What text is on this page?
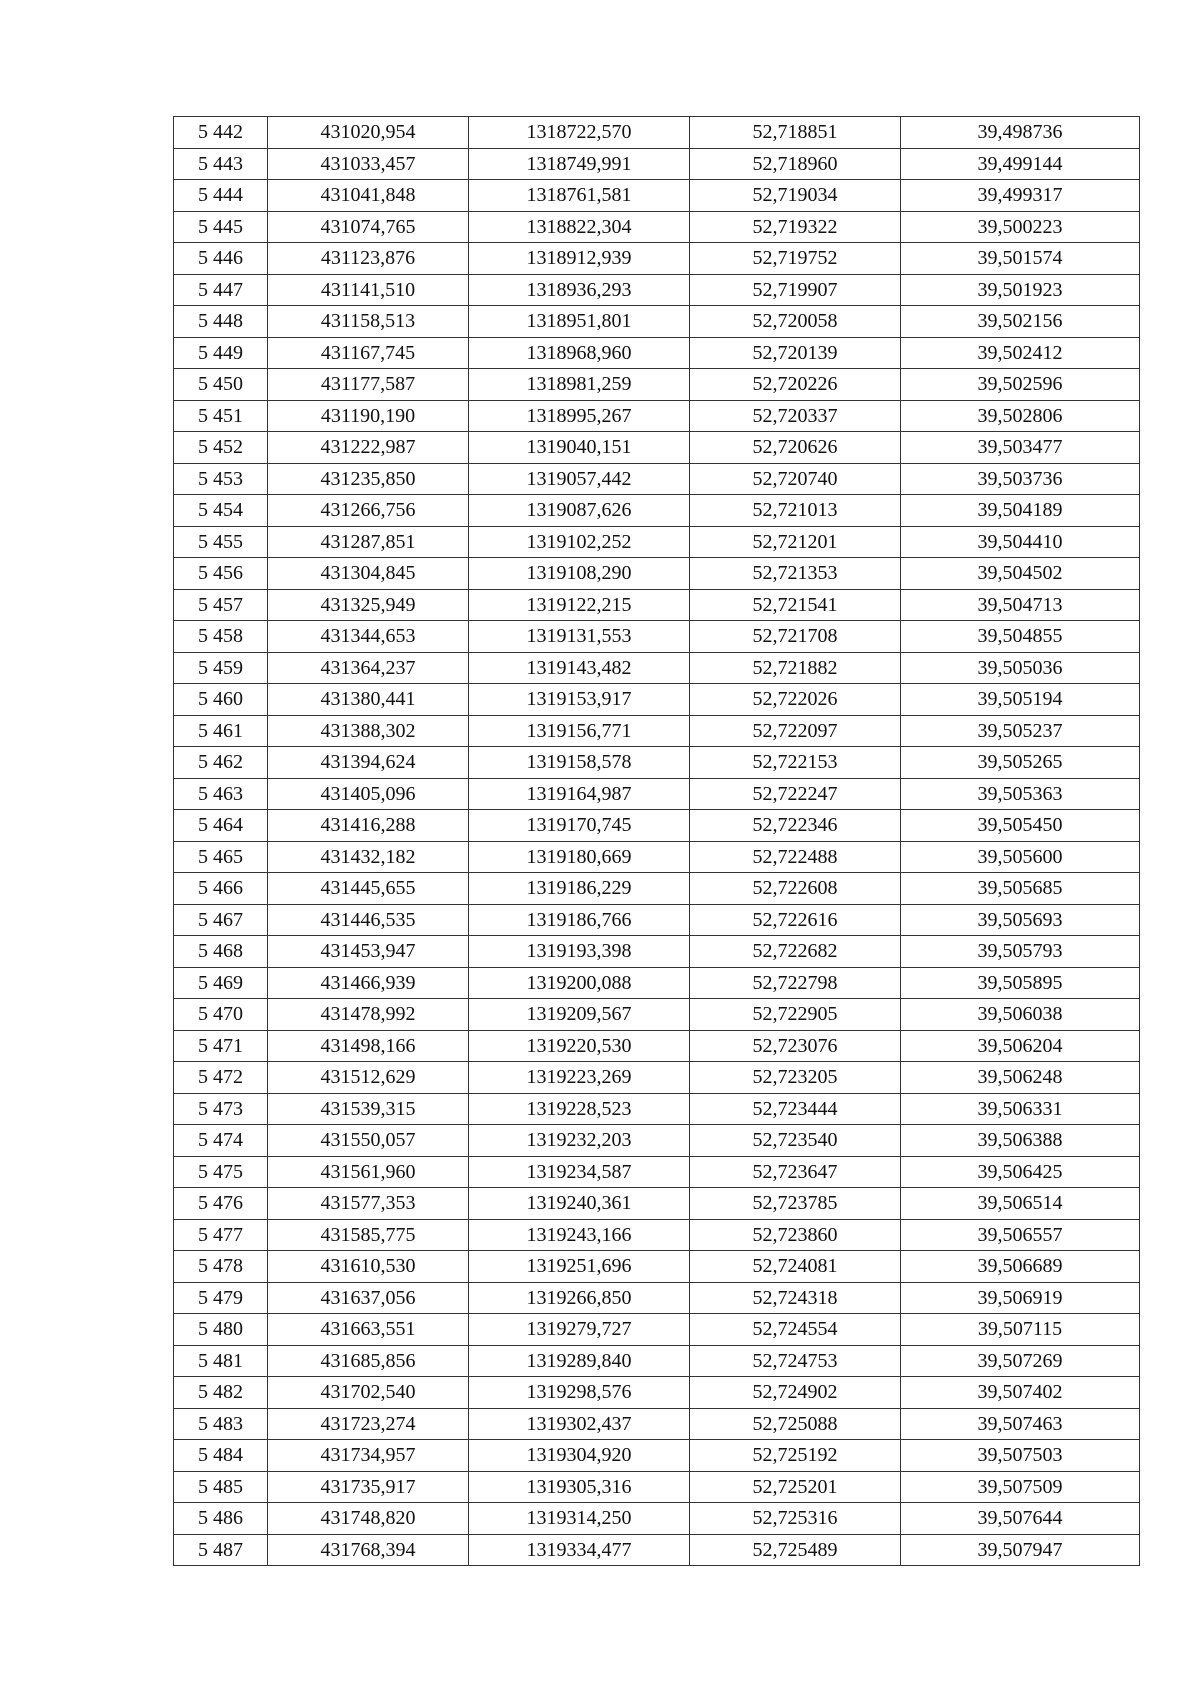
5 442	431020,954	1318722,570	52,718851	39,498736
5 443	431033,457	1318749,991	52,718960	39,499144
5 444	431041,848	1318761,581	52,719034	39,499317
5 445	431074,765	1318822,304	52,719322	39,500223
5 446	431123,876	1318912,939	52,719752	39,501574
5 447	431141,510	1318936,293	52,719907	39,501923
5 448	431158,513	1318951,801	52,720058	39,502156
5 449	431167,745	1318968,960	52,720139	39,502412
5 450	431177,587	1318981,259	52,720226	39,502596
5 451	431190,190	1318995,267	52,720337	39,502806
5 452	431222,987	1319040,151	52,720626	39,503477
5 453	431235,850	1319057,442	52,720740	39,503736
5 454	431266,756	1319087,626	52,721013	39,504189
5 455	431287,851	1319102,252	52,721201	39,504410
5 456	431304,845	1319108,290	52,721353	39,504502
5 457	431325,949	1319122,215	52,721541	39,504713
5 458	431344,653	1319131,553	52,721708	39,504855
5 459	431364,237	1319143,482	52,721882	39,505036
5 460	431380,441	1319153,917	52,722026	39,505194
5 461	431388,302	1319156,771	52,722097	39,505237
5 462	431394,624	1319158,578	52,722153	39,505265
5 463	431405,096	1319164,987	52,722247	39,505363
5 464	431416,288	1319170,745	52,722346	39,505450
5 465	431432,182	1319180,669	52,722488	39,505600
5 466	431445,655	1319186,229	52,722608	39,505685
5 467	431446,535	1319186,766	52,722616	39,505693
5 468	431453,947	1319193,398	52,722682	39,505793
5 469	431466,939	1319200,088	52,722798	39,505895
5 470	431478,992	1319209,567	52,722905	39,506038
5 471	431498,166	1319220,530	52,723076	39,506204
5 472	431512,629	1319223,269	52,723205	39,506248
5 473	431539,315	1319228,523	52,723444	39,506331
5 474	431550,057	1319232,203	52,723540	39,506388
5 475	431561,960	1319234,587	52,723647	39,506425
5 476	431577,353	1319240,361	52,723785	39,506514
5 477	431585,775	1319243,166	52,723860	39,506557
5 478	431610,530	1319251,696	52,724081	39,506689
5 479	431637,056	1319266,850	52,724318	39,506919
5 480	431663,551	1319279,727	52,724554	39,507115
5 481	431685,856	1319289,840	52,724753	39,507269
5 482	431702,540	1319298,576	52,724902	39,507402
5 483	431723,274	1319302,437	52,725088	39,507463
5 484	431734,957	1319304,920	52,725192	39,507503
5 485	431735,917	1319305,316	52,725201	39,507509
5 486	431748,820	1319314,250	52,725316	39,507644
5 487	431768,394	1319334,477	52,725489	39,507947
